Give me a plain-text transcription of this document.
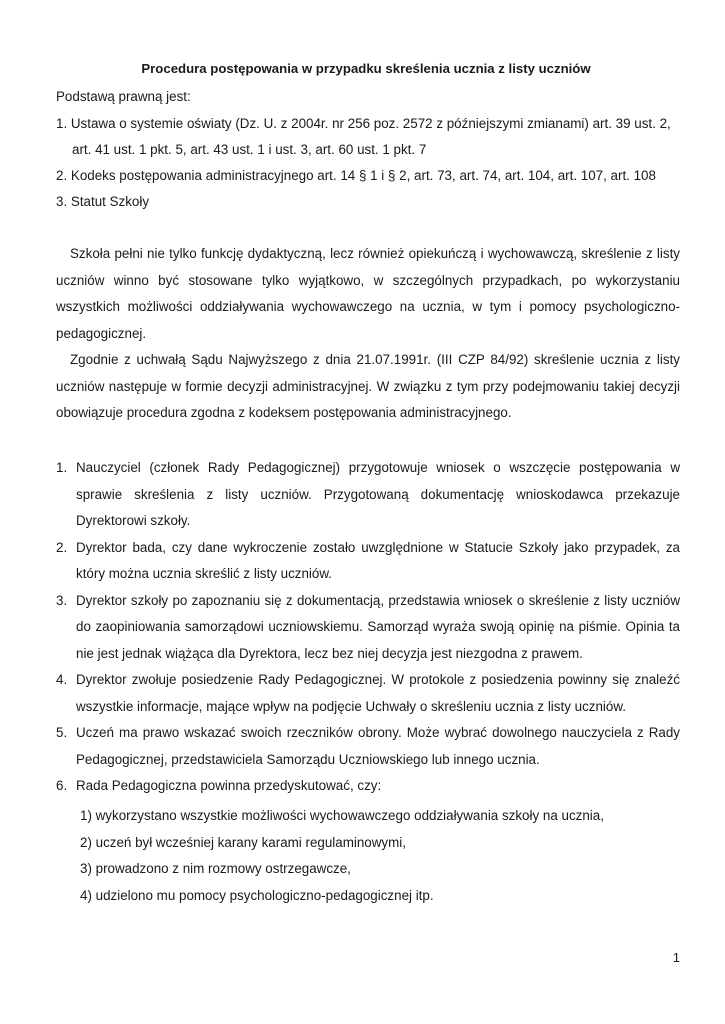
Procedura postępowania w przypadku skreślenia ucznia z listy uczniów
Podstawą prawną jest:
1. Ustawa o systemie oświaty (Dz. U. z 2004r. nr 256 poz. 2572 z późniejszymi zmianami) art. 39 ust. 2,
art. 41 ust. 1 pkt. 5, art. 43 ust. 1 i ust. 3, art. 60 ust. 1 pkt. 7
2. Kodeks postępowania administracyjnego art. 14 § 1 i § 2, art. 73, art. 74, art. 104, art. 107, art. 108
3. Statut Szkoły
Szkoła pełni nie tylko funkcję dydaktyczną, lecz również opiekuńczą i wychowawczą, skreślenie z listy uczniów winno być stosowane tylko wyjątkowo, w szczególnych przypadkach, po wykorzystaniu wszystkich możliwości oddziaływania wychowawczego na ucznia, w tym i pomocy psychologiczno-pedagogicznej.
Zgodnie z uchwałą Sądu Najwyższego z dnia 21.07.1991r. (III CZP 84/92) skreślenie ucznia z listy uczniów następuje w formie decyzji administracyjnej. W związku z tym przy podejmowaniu takiej decyzji obowiązuje procedura zgodna z kodeksem postępowania administracyjnego.
1. Nauczyciel (członek Rady Pedagogicznej) przygotowuje wniosek o wszczęcie postępowania w sprawie skreślenia z listy uczniów. Przygotowaną dokumentację wnioskodawca przekazuje Dyrektorowi szkoły.
2. Dyrektor bada, czy dane wykroczenie zostało uwzględnione w Statucie Szkoły jako przypadek, za który można ucznia skreślić z listy uczniów.
3. Dyrektor szkoły po zapoznaniu się z dokumentacją, przedstawia wniosek o skreślenie z listy uczniów do zaopiniowania samorządowi uczniowskiemu. Samorząd wyraża swoją opinię na piśmie. Opinia ta nie jest jednak wiążąca dla Dyrektora, lecz bez niej decyzja jest niezgodna z prawem.
4. Dyrektor zwołuje posiedzenie Rady Pedagogicznej. W protokole z posiedzenia powinny się znaleźć wszystkie informacje, mające wpływ na podjęcie Uchwały o skreśleniu ucznia z listy uczniów.
5. Uczeń ma prawo wskazać swoich rzeczników obrony. Może wybrać dowolnego nauczyciela z Rady Pedagogicznej, przedstawiciela Samorządu Uczniowskiego lub innego ucznia.
6. Rada Pedagogiczna powinna przedyskutować, czy:
1) wykorzystano wszystkie możliwości wychowawczego oddziaływania szkoły na ucznia,
2) uczeń był wcześniej karany karami regulaminowymi,
3) prowadzono z nim rozmowy ostrzegawcze,
4) udzielono mu pomocy psychologiczno-pedagogicznej itp.
1
